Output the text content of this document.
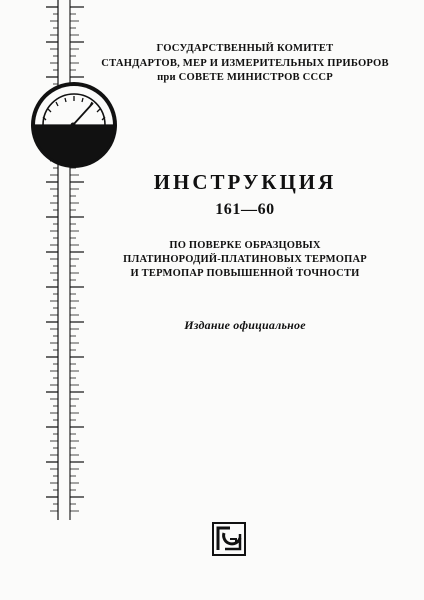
ГОСУДАРСТВЕННЫЙ КОМИТЕТ
СТАНДАРТОВ, МЕР И ИЗМЕРИТЕЛЬНЫХ ПРИБОРОВ
при СОВЕТЕ МИНИСТРОВ СССР
ИНСТРУКЦИЯ
161—60
ПО ПОВЕРКЕ ОБРАЗЦОВЫХ
ПЛАТИНОРОДИЙ-ПЛАТИНОВЫХ ТЕРМОПАР
И ТЕРМОПАР ПОВЫШЕННОЙ ТОЧНОСТИ
Издание официальное
